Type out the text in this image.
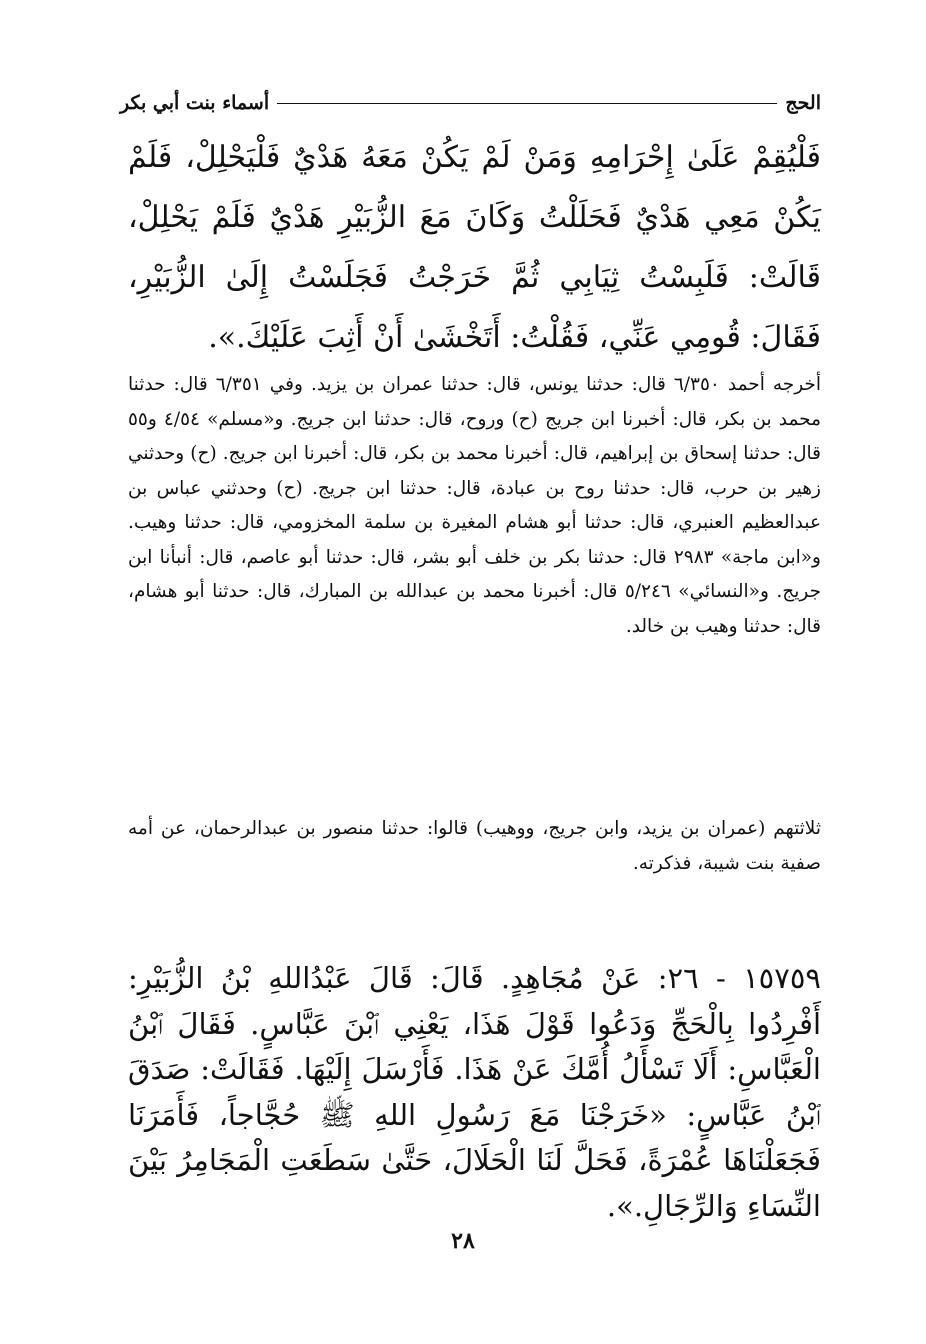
الحج
أسماء بنت أبي بكر

فَلْيُقِمْ عَلَىٰ إِحْرَامِهِ وَمَنْ لَمْ يَكُنْ مَعَهُ هَدْيٌ فَلْيَحْلِلْ، فَلَمْ يَكُنْ مَعِي هَدْيٌ فَحَلَلْتُ وَكَانَ مَعَ الزُّبَيْرِ هَدْيٌ فَلَمْ يَحْلِلْ، قَالَتْ: فَلَبِسْتُ ثِيَابِي ثُمَّ خَرَجْتُ فَجَلَسْتُ إِلَىٰ الزُّبَيْرِ، فَقَالَ: قُومِي عَنِّي، فَقُلْتُ: أَتَخْشَىٰ أَنْ أَثِبَ عَلَيْكَ.».

أخرجه أحمد ٦/٣٥٠ قال: حدثنا يونس، قال: حدثنا عمران بن يزيد. وفي ٦/٣٥١ قال: حدثنا محمد بن بكر، قال: أخبرنا ابن جريج (ح) وروح، قال: حدثنا ابن جريج. و«مسلم» ٤/٥٤ و٥٥ قال: حدثنا إسحاق بن إبراهيم، قال: أخبرنا محمد بن بكر، قال: أخبرنا ابن جريج. (ح) وحدثني زهير بن حرب، قال: حدثنا روح بن عبادة، قال: حدثنا ابن جريج. (ح) وحدثني عباس بن عبدالعظيم العنبري، قال: حدثنا أبو هشام المغيرة بن سلمة المخزومي، قال: حدثنا وهيب. و«ابن ماجة» ٢٩٨٣ قال: حدثنا بكر بن خلف أبو بشر، قال: حدثنا أبو عاصم، قال: أنبأنا ابن جريج. و«النسائي» ٥/٢٤٦ قال: أخبرنا محمد بن عبدالله بن المبارك، قال: حدثنا أبو هشام، قال: حدثنا وهيب بن خالد.

ثلاثتهم (عمران بن يزيد، وابن جريج، ووهيب) قالوا: حدثنا منصور بن عبدالرحمان، عن أمه صفية بنت شيبة، فذكرته.

١٥٧٥٩ - ٢٦: عَنْ مُجَاهِدٍ. قَالَ: قَالَ عَبْدُاللهِ بْنُ الزُّبَيْرِ: أَفْرِدُوا بِالْحَجِّ وَدَعُوا قَوْلَ هَذَا، يَعْنِي ٱبْنَ عَبَّاسٍ. فَقَالَ ٱبْنُ الْعَبَّاسِ: أَلَا تَسْأَلُ أُمَّكَ عَنْ هَذَا. فَأَرْسَلَ إِلَيْهَا. فَقَالَتْ: صَدَقَ ٱبْنُ عَبَّاسٍ: «خَرَجْنَا مَعَ رَسُولِ اللهِ ﷺ حُجَّاجاً، فَأَمَرَنَا فَجَعَلْنَاهَا عُمْرَةً، فَحَلَّ لَنَا الْحَلَالَ، حَتَّىٰ سَطَعَتِ الْمَجَامِرُ بَيْنَ النِّسَاءِ وَالرِّجَالِ.».

٢٨
